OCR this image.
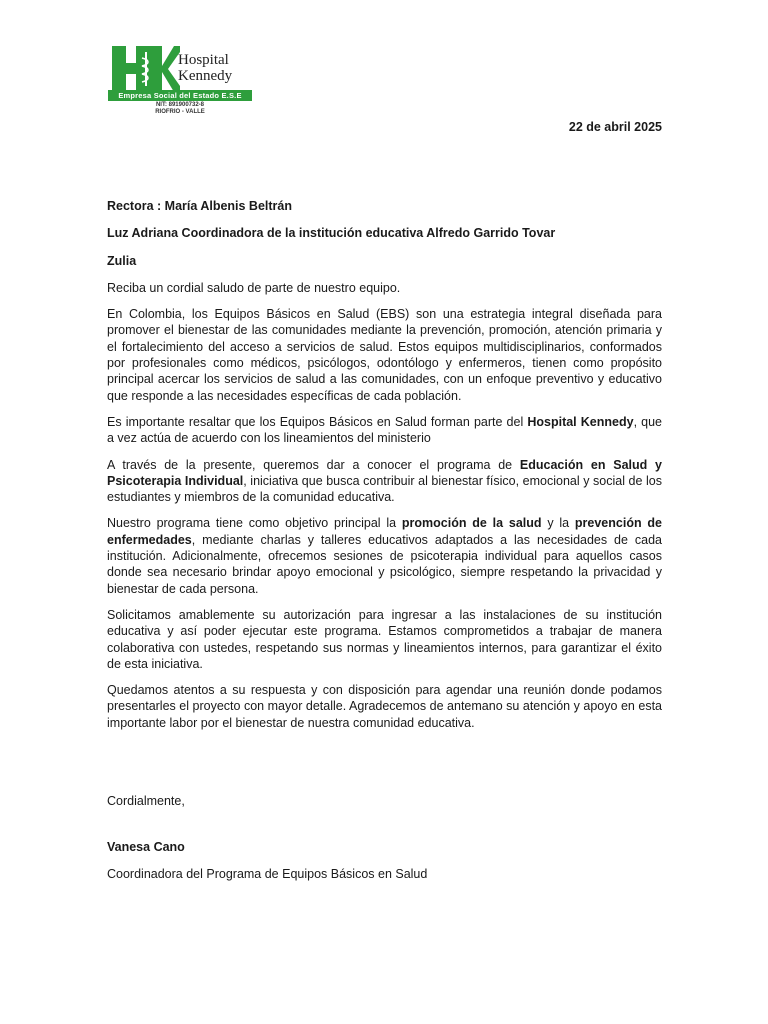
Hospital
Kennedy
Empresa Social del Estado E.S.E
NIT: 891900732-8
RIOFRIO - VALLE
22 de abril 2025

Rectora : María Albenis Beltrán

Luz Adriana Coordinadora de la institución educativa Alfredo Garrido Tovar

Zulia

Reciba un cordial saludo de parte de nuestro equipo.

En Colombia, los Equipos Básicos en Salud (EBS) son una estrategia integral diseñada para promover el bienestar de las comunidades mediante la prevención, promoción, atención primaria y el fortalecimiento del acceso a servicios de salud. Estos equipos multidisciplinarios, conformados por profesionales como médicos, psicólogos, odontólogo y enfermeros, tienen como propósito principal acercar los servicios de salud a las comunidades, con un enfoque preventivo y educativo que responde a las necesidades específicas de cada población.

Es importante resaltar que los Equipos Básicos en Salud forman parte del Hospital Kennedy, que a vez actúa de acuerdo con los lineamientos del ministerio

A través de la presente, queremos dar a conocer el programa de Educación en Salud y Psicoterapia Individual, iniciativa que busca contribuir al bienestar físico, emocional y social de los estudiantes y miembros de la comunidad educativa.

Nuestro programa tiene como objetivo principal la promoción de la salud y la prevención de enfermedades, mediante charlas y talleres educativos adaptados a las necesidades de cada institución. Adicionalmente, ofrecemos sesiones de psicoterapia individual para aquellos casos donde sea necesario brindar apoyo emocional y psicológico, siempre respetando la privacidad y bienestar de cada persona.

Solicitamos amablemente su autorización para ingresar a las instalaciones de su institución educativa y así poder ejecutar este programa. Estamos comprometidos a trabajar de manera colaborativa con ustedes, respetando sus normas y lineamientos internos, para garantizar el éxito de esta iniciativa.

Quedamos atentos a su respuesta y con disposición para agendar una reunión donde podamos presentarles el proyecto con mayor detalle. Agradecemos de antemano su atención y apoyo en esta importante labor por el bienestar de nuestra comunidad educativa.

Cordialmente,

Vanesa Cano

Coordinadora del Programa de Equipos Básicos en Salud
